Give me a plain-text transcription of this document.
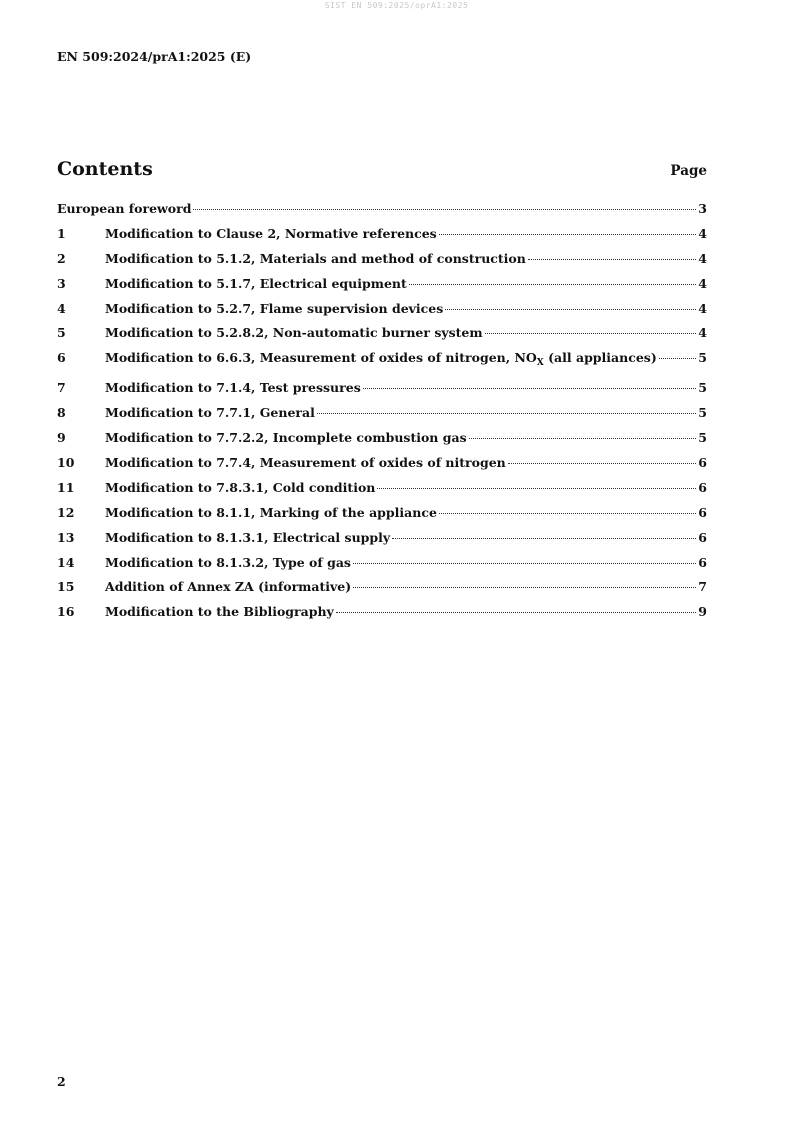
SIST EN 509:2025/oprA1:2025
EN 509:2024/prA1:2025 (E)
Contents	Page
European foreword	3
1	Modification to Clause 2, Normative references	4
2	Modification to 5.1.2, Materials and method of construction	4
3	Modification to 5.1.7, Electrical equipment	4
4	Modification to 5.2.7, Flame supervision devices	4
5	Modification to 5.2.8.2, Non-automatic burner system	4
6	Modification to 6.6.3, Measurement of oxides of nitrogen, $NO_X$ (all appliances)	5
7	Modification to 7.1.4, Test pressures	5
8	Modification to 7.7.1, General	5
9	Modification to 7.7.2.2, Incomplete combustion gas	5
10	Modification to 7.7.4, Measurement of oxides of nitrogen	6
11	Modification to 7.8.3.1, Cold condition	6
12	Modification to 8.1.1, Marking of the appliance	6
13	Modification to 8.1.3.1, Electrical supply	6
14	Modification to 8.1.3.2, Type of gas	6
15	Addition of Annex ZA (informative)	7
16	Modification to the Bibliography	9
2
